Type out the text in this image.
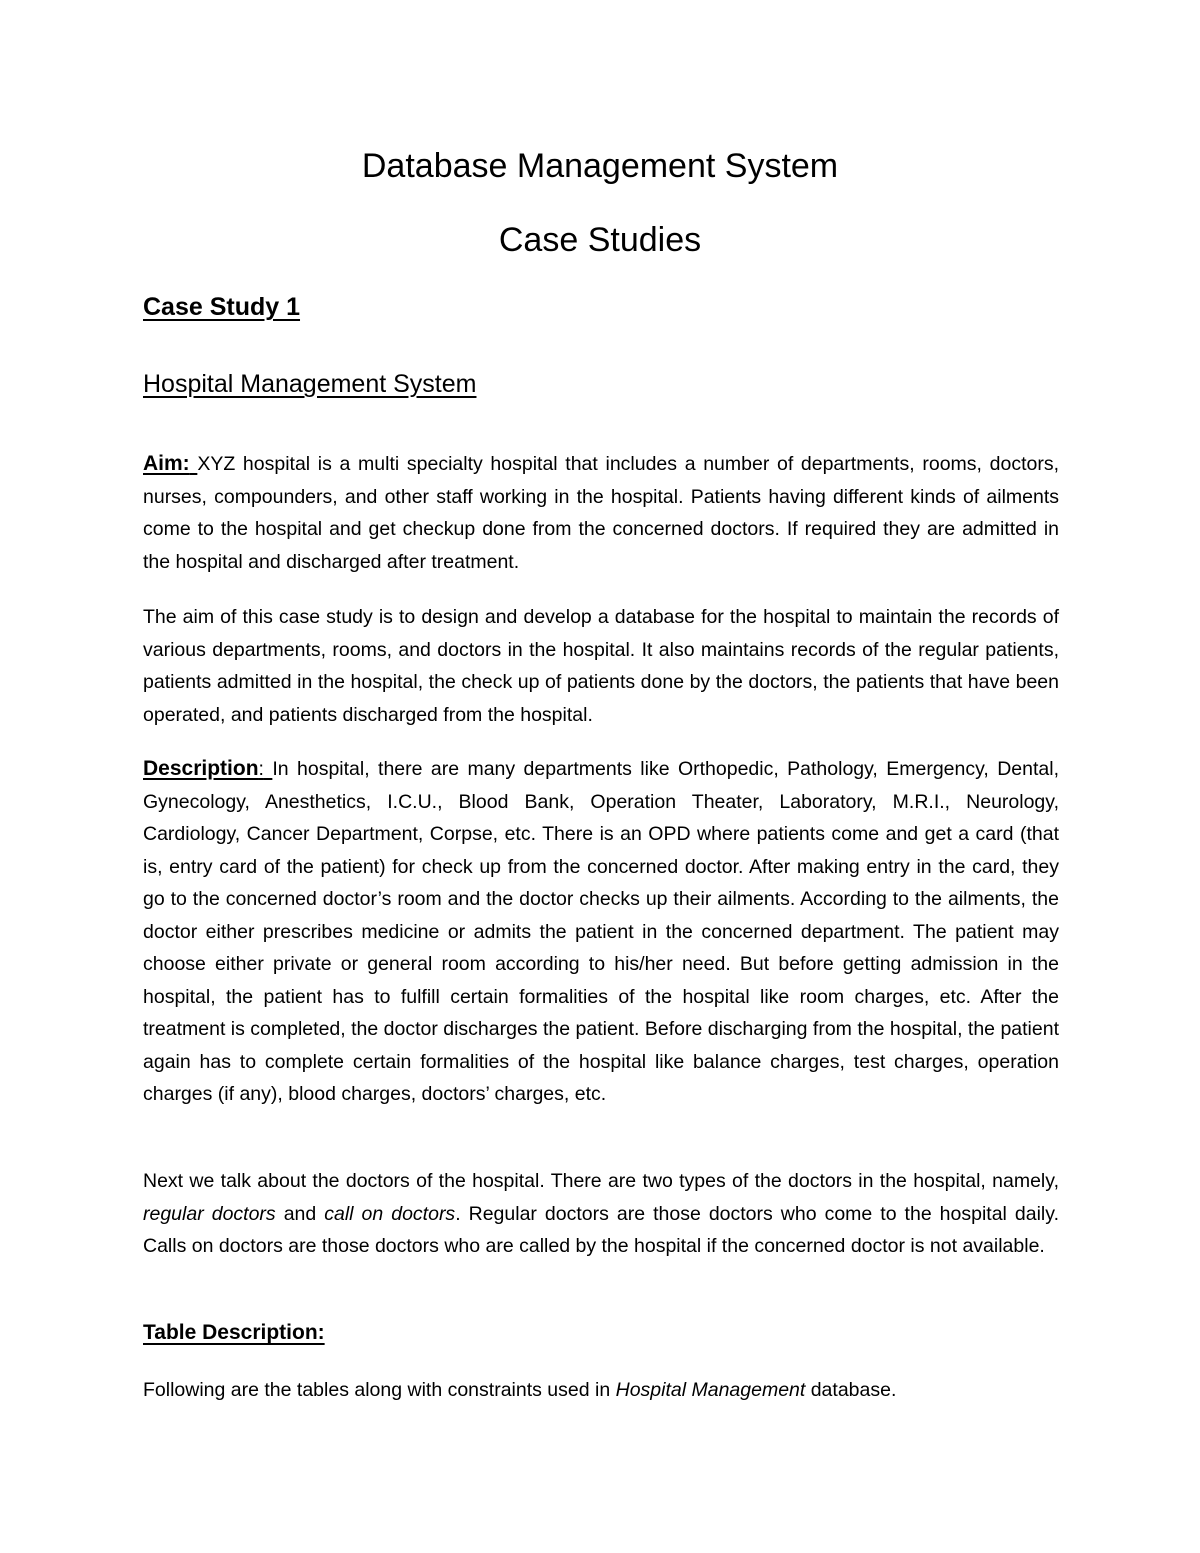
Database Management System
Case Studies
Case Study 1
Hospital Management System

Aim: XYZ hospital is a multi specialty hospital that includes a number of departments, rooms, doctors, nurses, compounders, and other staff working in the hospital. Patients having different kinds of ailments come to the hospital and get checkup done from the concerned doctors. If required they are admitted in the hospital and discharged after treatment.

The aim of this case study is to design and develop a database for the hospital to maintain the records of various departments, rooms, and doctors in the hospital. It also maintains records of the regular patients, patients admitted in the hospital, the check up of patients done by the doctors, the patients that have been operated, and patients discharged from the hospital.

Description: In hospital, there are many departments like Orthopedic, Pathology, Emergency, Dental, Gynecology, Anesthetics, I.C.U., Blood Bank, Operation Theater, Laboratory, M.R.I., Neurology, Cardiology, Cancer Department, Corpse, etc. There is an OPD where patients come and get a card (that is, entry card of the patient) for check up from the concerned doctor. After making entry in the card, they go to the concerned doctor’s room and the doctor checks up their ailments. According to the ailments, the doctor either prescribes medicine or admits the patient in the concerned department. The patient may choose either private or general room according to his/her need. But before getting admission in the hospital, the patient has to fulfill certain formalities of the hospital like room charges, etc. After the treatment is completed, the doctor discharges the patient. Before discharging from the hospital, the patient again has to complete certain formalities of the hospital like balance charges, test charges, operation charges (if any), blood charges, doctors’ charges, etc.

Next we talk about the doctors of the hospital. There are two types of the doctors in the hospital, namely, regular doctors and call on doctors. Regular doctors are those doctors who come to the hospital daily. Calls on doctors are those doctors who are called by the hospital if the concerned doctor is not available.

Table Description:

Following are the tables along with constraints used in Hospital Management database.
